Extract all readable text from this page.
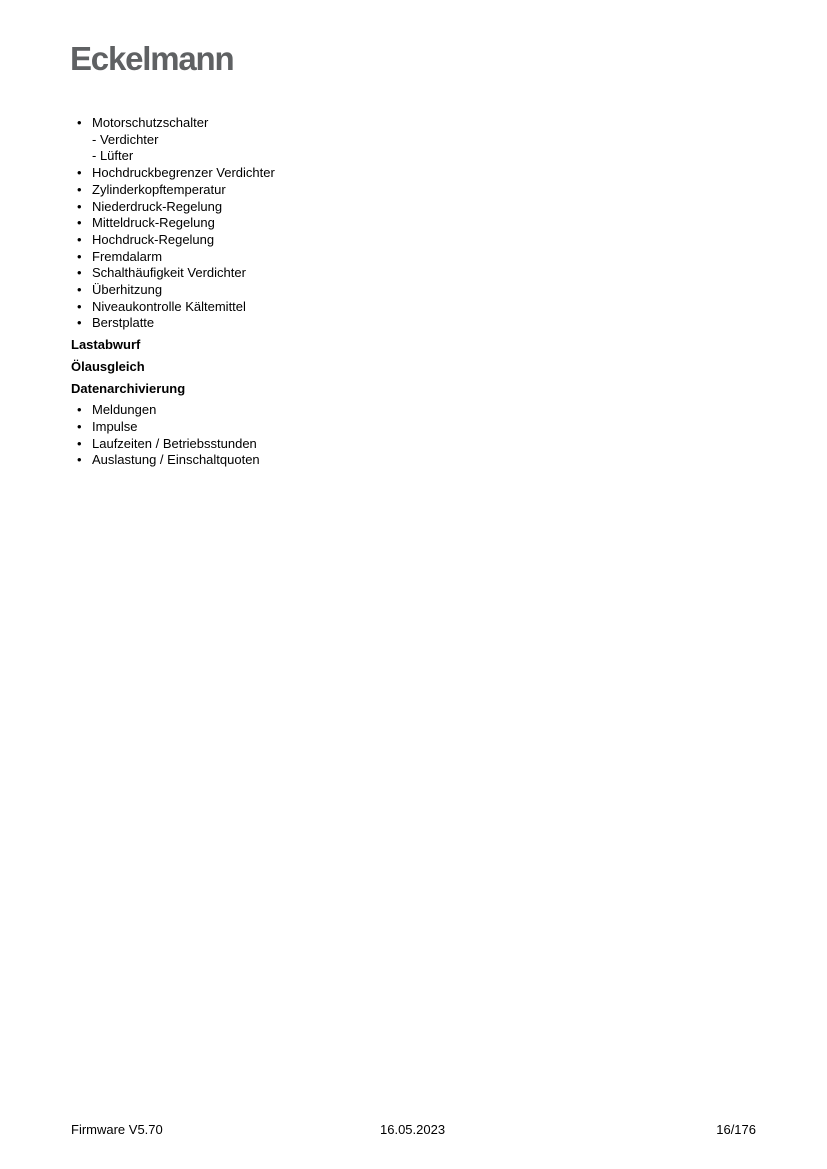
Eckelmann
• Motorschutzschalter
- Verdichter
- Lüfter
• Hochdruckbegrenzer Verdichter
• Zylinderkopftemperatur
• Niederdruck-Regelung
• Mitteldruck-Regelung
• Hochdruck-Regelung
• Fremdalarm
• Schalthäufigkeit Verdichter
• Überhitzung
• Niveaukontrolle Kältemittel
• Berstplatte
Lastabwurf
Ölausgleich
Datenarchivierung
• Meldungen
• Impulse
• Laufzeiten / Betriebsstunden
• Auslastung / Einschaltquoten
Firmware V5.70	16.05.2023	16/176
